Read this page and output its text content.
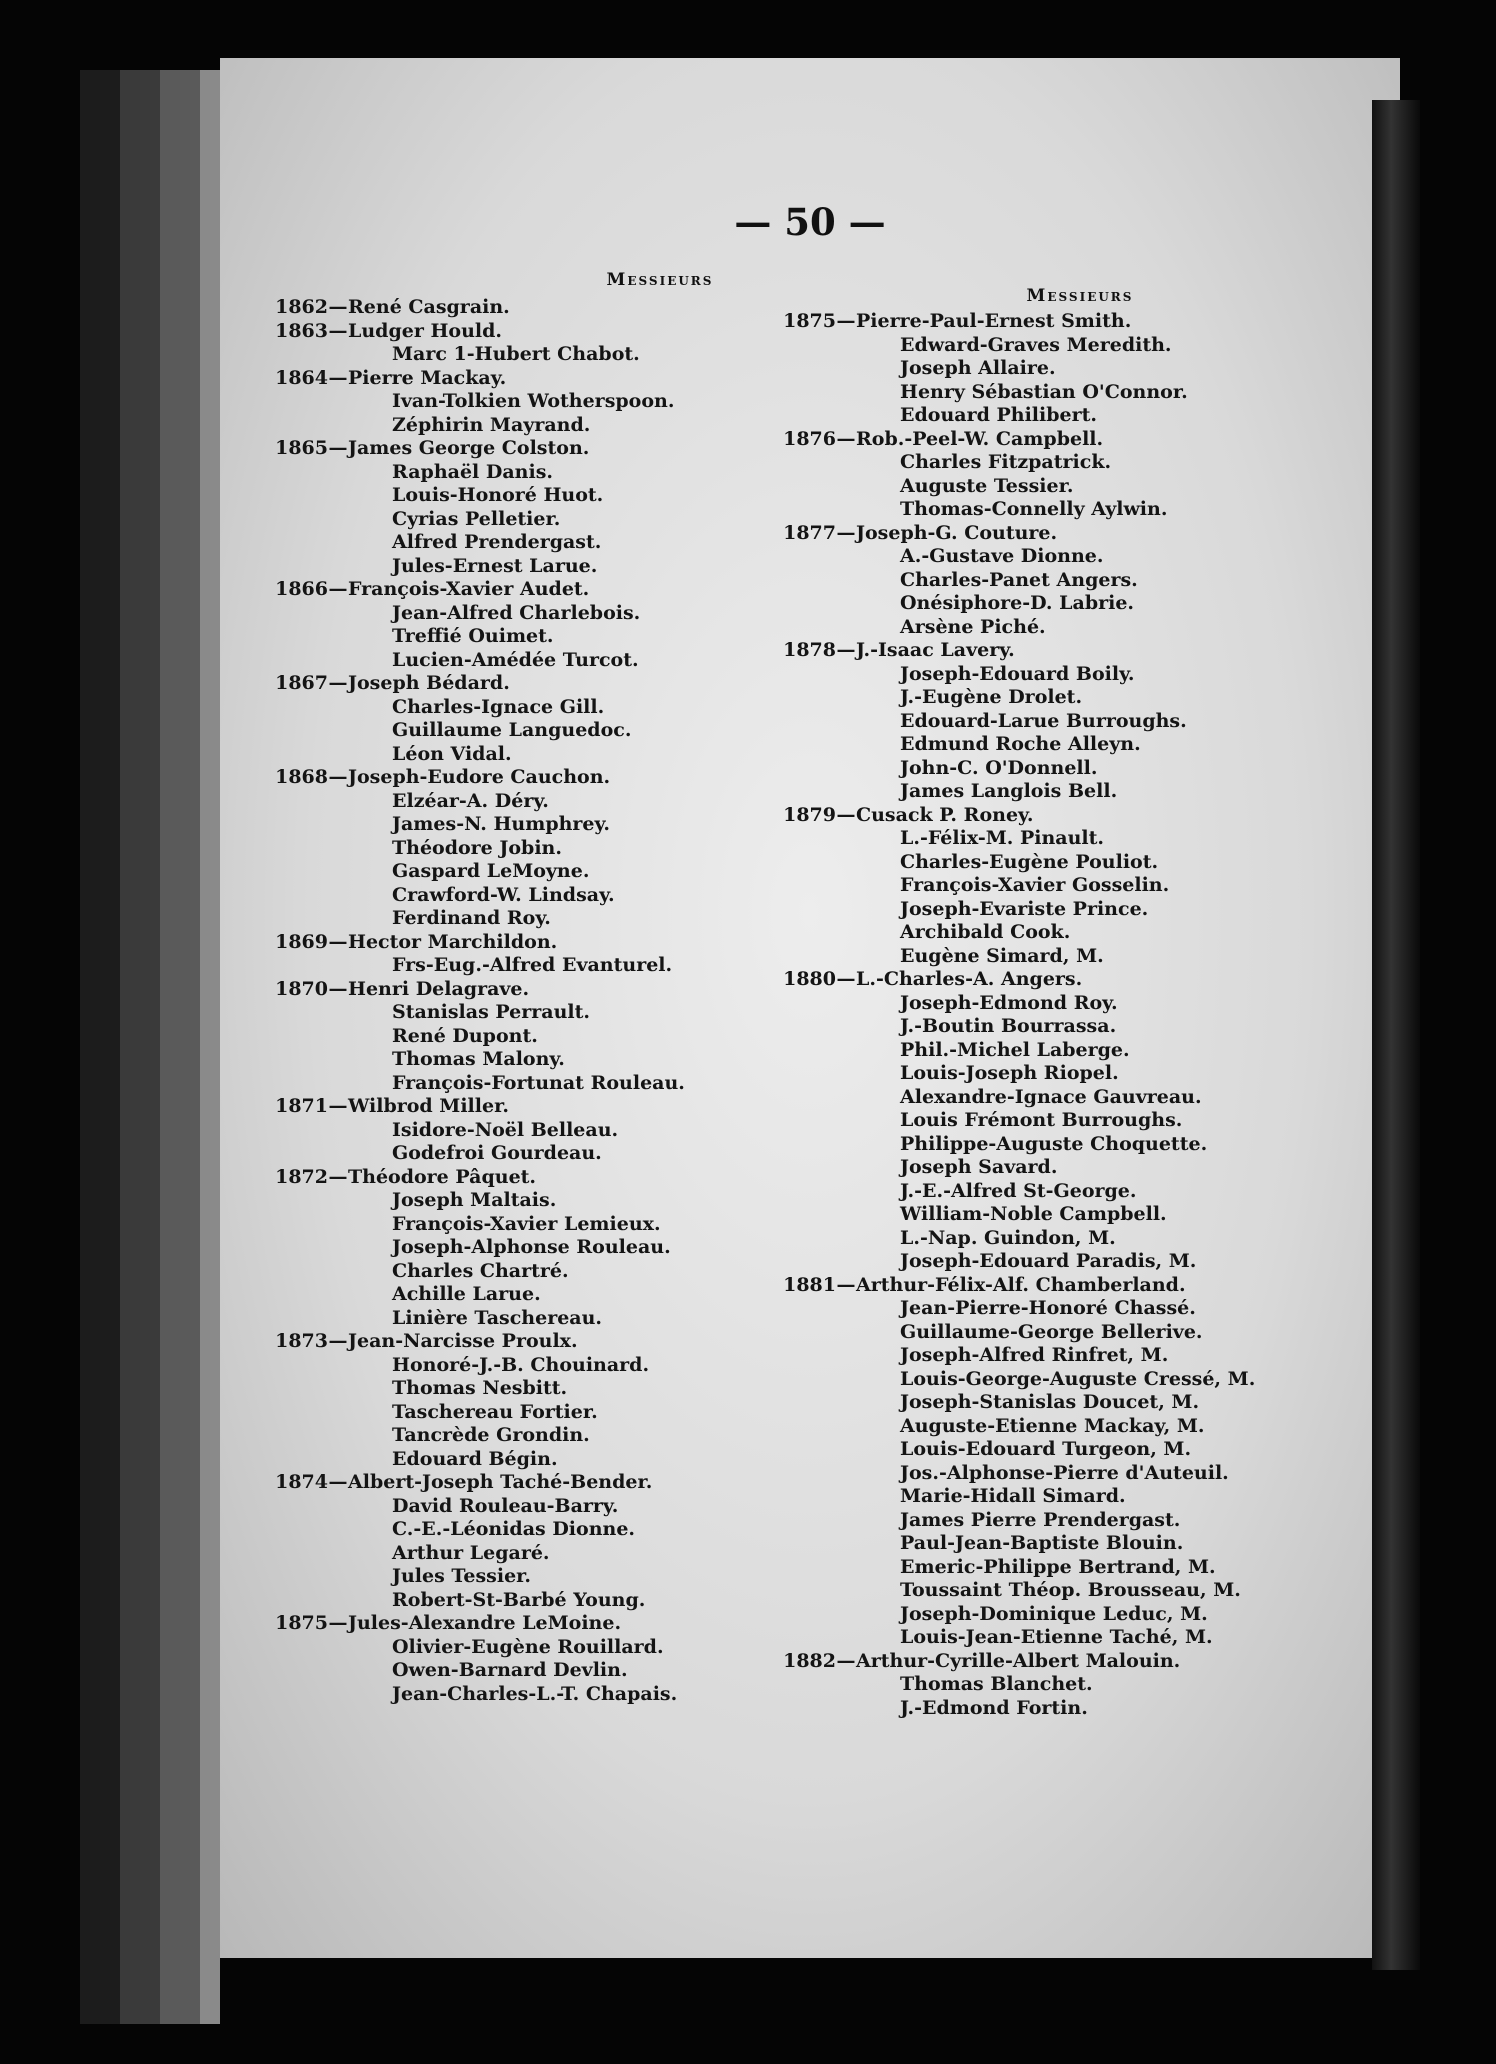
— 50 —
Messieurs
Messieurs
1862—René Casgrain.
1863—Ludger Hould.
Marc 1-Hubert Chabot.
1864—Pierre Mackay.
Ivan-Tolkien Wotherspoon.
Zéphirin Mayrand.
1865—James George Colston.
Raphaël Danis.
Louis-Honoré Huot.
Cyrias Pelletier.
Alfred Prendergast.
Jules-Ernest Larue.
1866—François-Xavier Audet.
Jean-Alfred Charlebois.
Treffié Ouimet.
Lucien-Amédée Turcot.
1867—Joseph Bédard.
Charles-Ignace Gill.
Guillaume Languedoc.
Léon Vidal.
1868—Joseph-Eudore Cauchon.
Elzéar-A. Déry.
James-N. Humphrey.
Théodore Jobin.
Gaspard LeMoyne.
Crawford-W. Lindsay.
Ferdinand Roy.
1869—Hector Marchildon.
Frs-Eug.-Alfred Evanturel.
1870—Henri Delagrave.
Stanislas Perrault.
René Dupont.
Thomas Malony.
François-Fortunat Rouleau.
1871—Wilbrod Miller.
Isidore-Noël Belleau.
Godefroi Gourdeau.
1872—Théodore Pâquet.
Joseph Maltais.
François-Xavier Lemieux.
Joseph-Alphonse Rouleau.
Charles Chartré.
Achille Larue.
Linière Taschereau.
1873—Jean-Narcisse Proulx.
Honoré-J.-B. Chouinard.
Thomas Nesbitt.
Taschereau Fortier.
Tancrède Grondin.
Edouard Bégin.
1874—Albert-Joseph Taché-Bender.
David Rouleau-Barry.
C.-E.-Léonidas Dionne.
Arthur Legaré.
Jules Tessier.
Robert-St-Barbé Young.
1875—Jules-Alexandre LeMoine.
Olivier-Eugène Rouillard.
Owen-Barnard Devlin.
Jean-Charles-L.-T. Chapais.
1875—Pierre-Paul-Ernest Smith.
Edward-Graves Meredith.
Joseph Allaire.
Henry Sébastian O'Connor.
Edouard Philibert.
1876—Rob.-Peel-W. Campbell.
Charles Fitzpatrick.
Auguste Tessier.
Thomas-Connelly Aylwin.
1877—Joseph-G. Couture.
A.-Gustave Dionne.
Charles-Panet Angers.
Onésiphore-D. Labrie.
Arsène Piché.
1878—J.-Isaac Lavery.
Joseph-Edouard Boily.
J.-Eugène Drolet.
Edouard-Larue Burroughs.
Edmund Roche Alleyn.
John-C. O'Donnell.
James Langlois Bell.
1879—Cusack P. Roney.
L.-Félix-M. Pinault.
Charles-Eugène Pouliot.
François-Xavier Gosselin.
Joseph-Evariste Prince.
Archibald Cook.
Eugène Simard, M.
1880—L.-Charles-A. Angers.
Joseph-Edmond Roy.
J.-Boutin Bourrassa.
Phil.-Michel Laberge.
Louis-Joseph Riopel.
Alexandre-Ignace Gauvreau.
Louis Frémont Burroughs.
Philippe-Auguste Choquette.
Joseph Savard.
J.-E.-Alfred St-George.
William-Noble Campbell.
L.-Nap. Guindon, M.
Joseph-Edouard Paradis, M.
1881—Arthur-Félix-Alf. Chamberland.
Jean-Pierre-Honoré Chassé.
Guillaume-George Bellerive.
Joseph-Alfred Rinfret, M.
Louis-George-Auguste Cressé, M.
Joseph-Stanislas Doucet, M.
Auguste-Etienne Mackay, M.
Louis-Edouard Turgeon, M.
Jos.-Alphonse-Pierre d'Auteuil.
Marie-Hidall Simard.
James Pierre Prendergast.
Paul-Jean-Baptiste Blouin.
Emeric-Philippe Bertrand, M.
Toussaint Théop. Brousseau, M.
Joseph-Dominique Leduc, M.
Louis-Jean-Etienne Taché, M.
1882—Arthur-Cyrille-Albert Malouin.
Thomas Blanchet.
J.-Edmond Fortin.
